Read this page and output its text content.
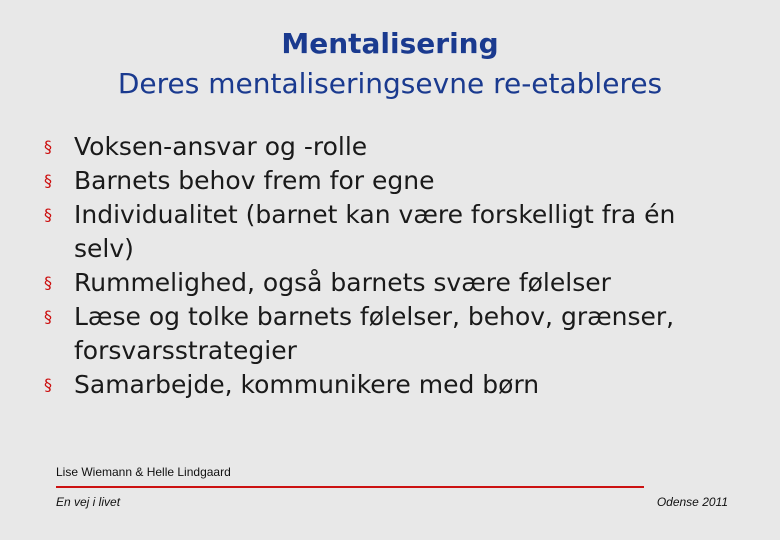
Mentalisering
Deres mentaliseringsevne re-etableres
§ Voksen-ansvar og -rolle
§ Barnets behov frem for egne
§ Individualitet (barnet kan være forskelligt fra én selv)
§ Rummelighed, også barnets svære følelser
§ Læse og tolke barnets følelser, behov, grænser, forsvarsstrategier
§ Samarbejde, kommunikere med børn
Lise Wiemann & Helle Lindgaard
En vej i livet	Odense 2011
